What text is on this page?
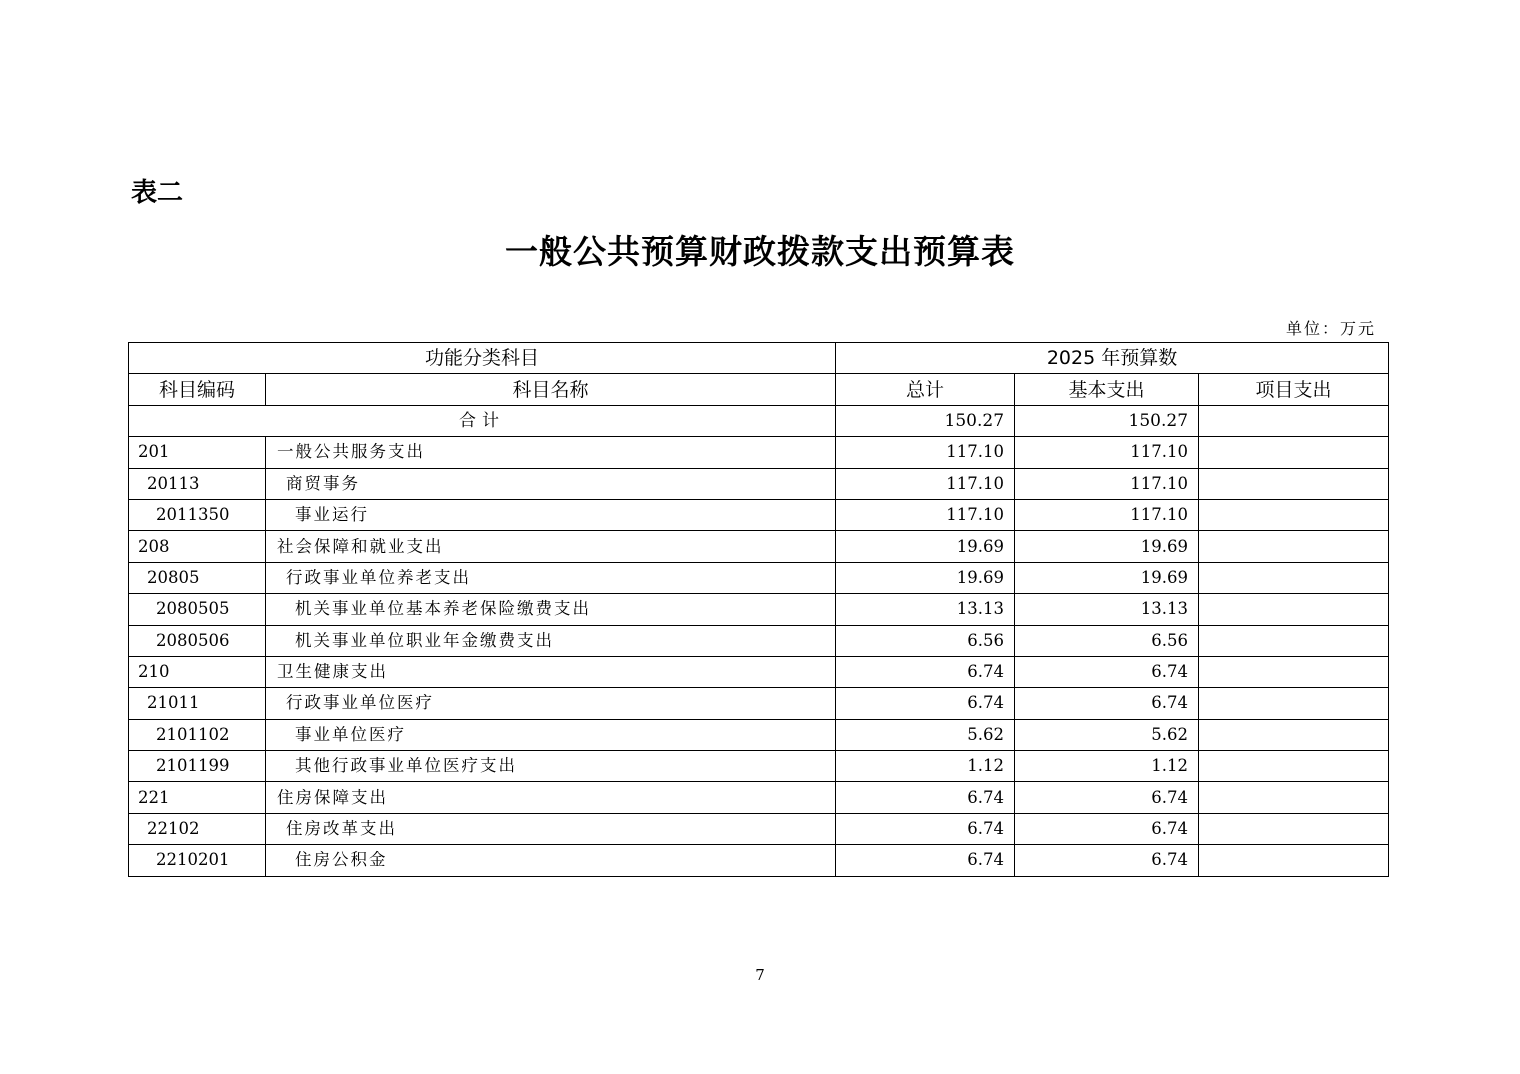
表二
一般公共预算财政拨款支出预算表
单位：万元
功能分类科目		2025 年预算数		
科目编码	科目名称	总计	基本支出	项目支出
合计		150.27	150.27	
201	一般公共服务支出	117.10	117.10	
20113	商贸事务	117.10	117.10	
2011350	事业运行	117.10	117.10	
208	社会保障和就业支出	19.69	19.69	
20805	行政事业单位养老支出	19.69	19.69	
2080505	机关事业单位基本养老保险缴费支出	13.13	13.13	
2080506	机关事业单位职业年金缴费支出	6.56	6.56	
210	卫生健康支出	6.74	6.74	
21011	行政事业单位医疗	6.74	6.74	
2101102	事业单位医疗	5.62	5.62	
2101199	其他行政事业单位医疗支出	1.12	1.12	
221	住房保障支出	6.74	6.74	
22102	住房改革支出	6.74	6.74	
2210201	住房公积金	6.74	6.74	
7
